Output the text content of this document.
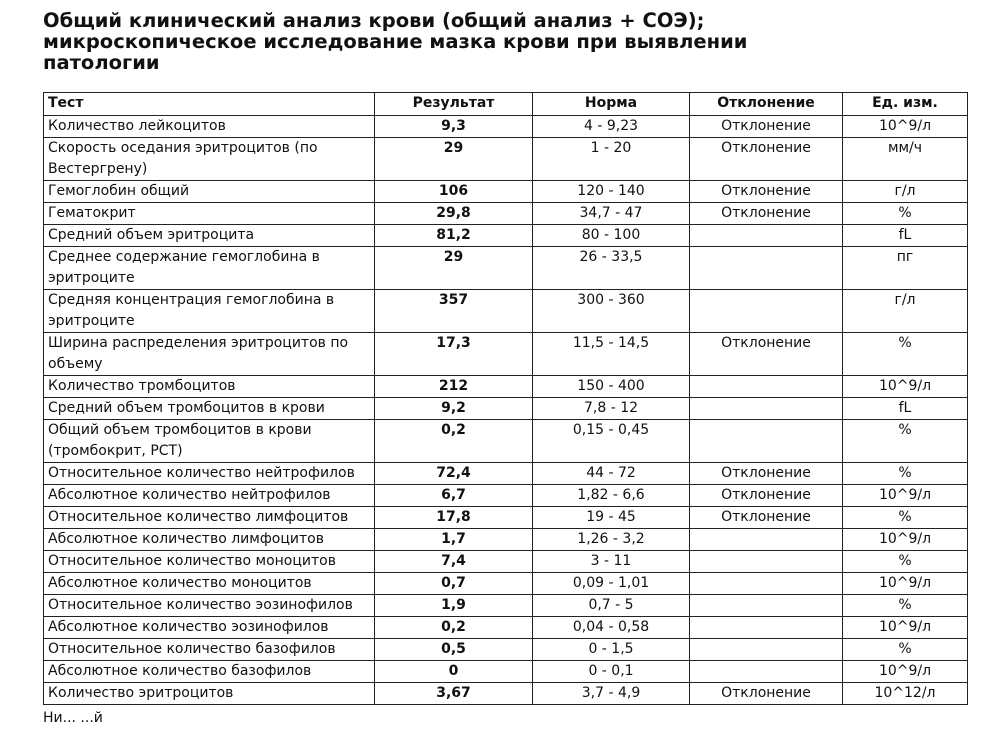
Общий клинический анализ крови (общий анализ + СОЭ);
микроскопическое исследование мазка крови при выявлении
патологии
Тест	Результат	Норма	Отклонение	Ед. изм.
Количество лейкоцитов	9,3	4 - 9,23	Отклонение	10^9/л
Скорость оседания эритроцитов (по Вестергрену)	29	1 - 20	Отклонение	мм/ч
Гемоглобин общий	106	120 - 140	Отклонение	г/л
Гематокрит	29,8	34,7 - 47	Отклонение	%
Средний объем эритроцита	81,2	80 - 100		fL
Среднее содержание гемоглобина в эритроците	29	26 - 33,5		пг
Средняя концентрация гемоглобина в эритроците	357	300 - 360		г/л
Ширина распределения эритроцитов по объему	17,3	11,5 - 14,5	Отклонение	%
Количество тромбоцитов	212	150 - 400		10^9/л
Средний объем тромбоцитов в крови	9,2	7,8 - 12		fL
Общий объем тромбоцитов в крови (тромбокрит, PCT)	0,2	0,15 - 0,45		%
Относительное количество нейтрофилов	72,4	44 - 72	Отклонение	%
Абсолютное количество нейтрофилов	6,7	1,82 - 6,6	Отклонение	10^9/л
Относительное количество лимфоцитов	17,8	19 - 45	Отклонение	%
Абсолютное количество лимфоцитов	1,7	1,26 - 3,2		10^9/л
Относительное количество моноцитов	7,4	3 - 11		%
Абсолютное количество моноцитов	0,7	0,09 - 1,01		10^9/л
Относительное количество эозинофилов	1,9	0,7 - 5		%
Абсолютное количество эозинофилов	0,2	0,04 - 0,58		10^9/л
Относительное количество базофилов	0,5	0 - 1,5		%
Абсолютное количество базофилов	0	0 - 0,1		10^9/л
Количество эритроцитов	3,67	3,7 - 4,9	Отклонение	10^12/л
Ни... ...й
